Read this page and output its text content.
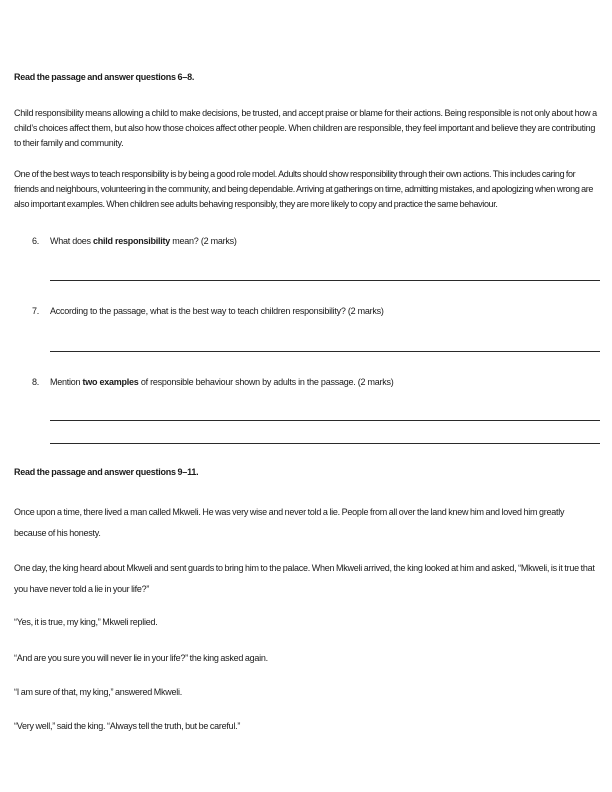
Read the passage and answer questions 6–8.
Child responsibility means allowing a child to make decisions, be trusted, and accept praise or blame for their actions. Being responsible is not only about how a child’s choices affect them, but also how those choices affect other people. When children are responsible, they feel important and believe they are contributing to their family and community.
One of the best ways to teach responsibility is by being a good role model. Adults should show responsibility through their own actions. This includes caring for friends and neighbours, volunteering in the community, and being dependable. Arriving at gatherings on time, admitting mistakes, and apologizing when wrong are also important examples. When children see adults behaving responsibly, they are more likely to copy and practice the same behaviour.
6. What does child responsibility mean? (2 marks)
7. According to the passage, what is the best way to teach children responsibility? (2 marks)
8. Mention two examples of responsible behaviour shown by adults in the passage. (2 marks)
Read the passage and answer questions 9–11.
Once upon a time, there lived a man called Mkweli. He was very wise and never told a lie. People from all over the land knew him and loved him greatly because of his honesty.
One day, the king heard about Mkweli and sent guards to bring him to the palace. When Mkweli arrived, the king looked at him and asked, “Mkweli, is it true that you have never told a lie in your life?”
“Yes, it is true, my king,” Mkweli replied.
“And are you sure you will never lie in your life?” the king asked again.
“I am sure of that, my king,” answered Mkweli.
“Very well,” said the king. “Always tell the truth, but be careful.”
